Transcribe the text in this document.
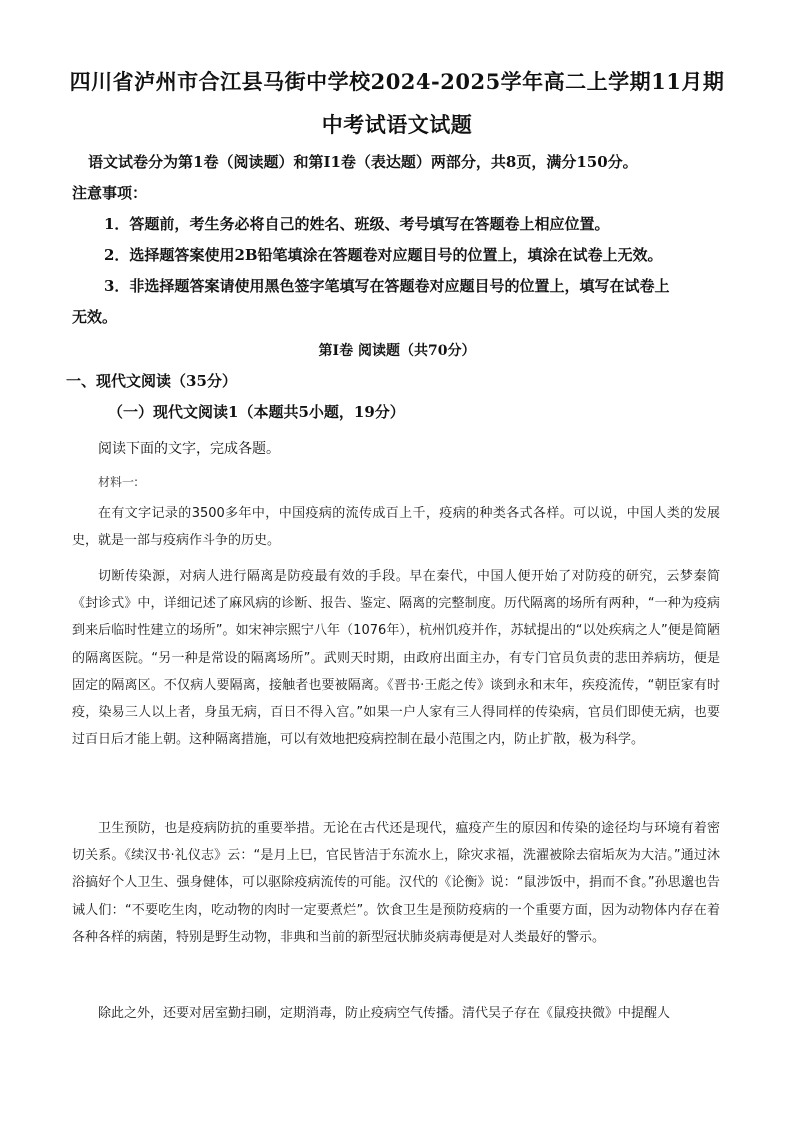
四川省泸州市合江县马街中学校2024-2025学年高二上学期11月期
中考试语文试题
语文试卷分为第1卷（阅读题）和第I1卷（表达题）两部分，共8页，满分150分。
注意事项：
1．答题前，考生务必将自己的姓名、班级、考号填写在答题卷上相应位置。
2．选择题答案使用2B铅笔填涂在答题卷对应题目号的位置上，填涂在试卷上无效。
3．非选择题答案请使用黑色签字笔填写在答题卷对应题目号的位置上，填写在试卷上
无效。
第I卷 阅读题（共70分）
一、现代文阅读（35分）
（一）现代文阅读1（本题共5小题，19分）
阅读下面的文字，完成各题。
材料一:
在有文字记录的3500多年中，中国疫病的流传成百上千，疫病的种类各式各样。可以说，中国人类的发展史，就是一部与疫病作斗争的历史。
切断传染源，对病人进行隔离是防疫最有效的手段。早在秦代，中国人便开始了对防疫的研究，云梦秦简《封诊式》中，详细记述了麻风病的诊断、报告、鉴定、隔离的完整制度。历代隔离的场所有两种，“一种为疫病到来后临时性建立的场所”。如宋神宗熙宁八年（1076年），杭州饥疫并作，苏轼提出的“以处疾病之人”便是简陋的隔离医院。“另一种是常设的隔离场所”。武则天时期，由政府出面主办，有专门官员负责的悲田养病坊，便是固定的隔离区。不仅病人要隔离，接触者也要被隔离。《晋书·王彪之传》谈到永和末年，疾疫流传，“朝臣家有时疫，染易三人以上者，身虽无病，百日不得入宫。”如果一户人家有三人得同样的传染病，官员们即使无病，也要过百日后才能上朝。这种隔离措施，可以有效地把疫病控制在最小范围之内，防止扩散，极为科学。
卫生预防，也是疫病防抗的重要举措。无论在古代还是现代，瘟疫产生的原因和传染的途径均与环境有着密切关系。《续汉书·礼仪志》云：“是月上巳，官民皆洁于东流水上，除灾求福，洗濯被除去宿垢灰为大洁。”通过沐浴搞好个人卫生、强身健体，可以驱除疫病流传的可能。汉代的《论衡》说：“鼠涉饭中，捐而不食。”孙思邈也告诫人们：“不要吃生肉，吃动物的肉时一定要煮烂”。饮食卫生是预防疫病的一个重要方面，因为动物体内存在着各种各样的病菌，特别是野生动物，非典和当前的新型冠状肺炎病毒便是对人类最好的警示。
除此之外，还要对居室勤扫刷，定期消毒，防止疫病空气传播。清代吴子存在《鼠疫抉微》中提醒人
